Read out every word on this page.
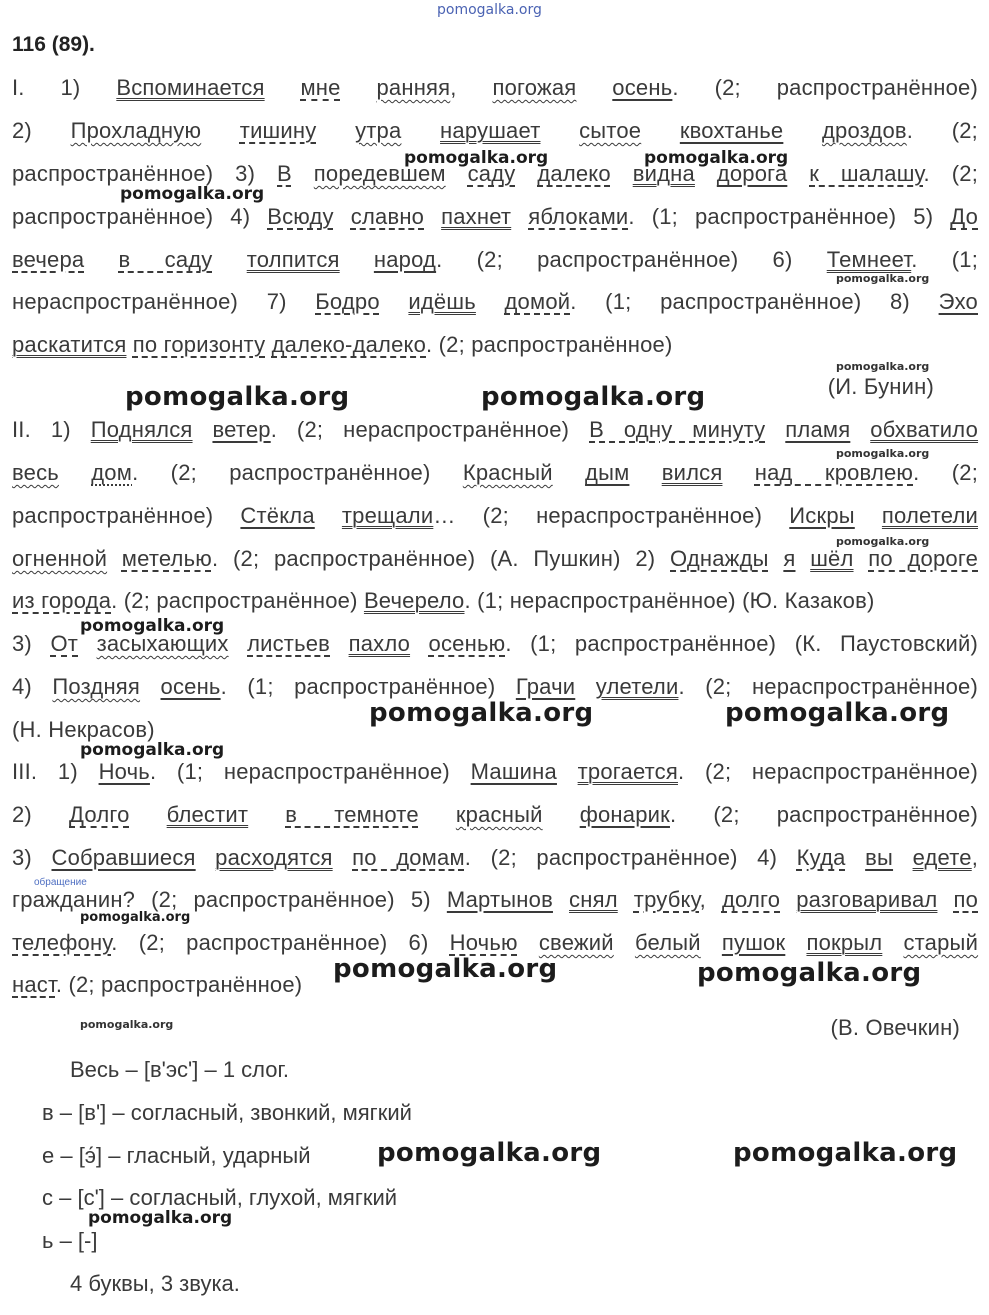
pomogalka.org
116 (89).
I. 1) Вспоминается мне ранняя, погожая осень. (2; распространённое)
2) Прохладную тишину утра нарушает сытое квохтанье дроздов. (2;
распространённое) 3) В поредевшем саду далеко видна дорога к шалашу. (2;
распространённое) 4) Всюду славно пахнет яблоками. (1; распространённое) 5) До
вечера в саду толпится народ. (2; распространённое) 6) Темнеет. (1;
нераспространённое) 7) Бодро идёшь домой. (1; распространённое) 8) Эхо
раскатится по горизонту далеко-далеко. (2; распространённое)
(И. Бунин)
II. 1) Поднялся ветер. (2; нераспространённое) В одну минуту пламя обхватило
весь дом. (2; распространённое) Красный дым вился над кровлею. (2;
распространённое) Стёкла трещали… (2; нераспространённое) Искры полетели
огненной метелью. (2; распространённое) (А. Пушкин) 2) Однажды я шёл по дороге
из города. (2; распространённое) Вечерело. (1; нераспространённое) (Ю. Казаков)
3) От засыхающих листьев пахло осенью. (1; распространённое) (К. Паустовский)
4) Поздняя осень. (1; распространённое) Грачи улетели. (2; нераспространённое)
(Н. Некрасов)
III. 1) Ночь. (1; нераспространённое) Машина трогается. (2; нераспространённое)
2) Долго блестит в темноте красный фонарик. (2; распространённое)
3) Собравшиеся расходятся по домам. (2; распространённое) 4) Куда вы едете,
гражданин? (2; распространённое) 5) Мартынов снял трубку, долго разговаривал по
телефону. (2; распространённое) 6) Ночью свежий белый пушок покрыл старый
наст. (2; распространённое)
(В. Овечкин)
Весь – [в'эс'] – 1 слог.
в – [в'] – согласный, звонкий, мягкий
е – [э́] – гласный, ударный
с – [с'] – согласный, глухой, мягкий
ь – [-]
4 буквы, 3 звука.
обращение
pomogalka.org	pomogalka.org
pomogalka.org
pomogalka.org
pomogalka.org
pomogalka.org	pomogalka.org
pomogalka.org
pomogalka.org
pomogalka.org
pomogalka.org	pomogalka.org
pomogalka.org
pomogalka.org
pomogalka.org	pomogalka.org
pomogalka.org
pomogalka.org	pomogalka.org
pomogalka.org
